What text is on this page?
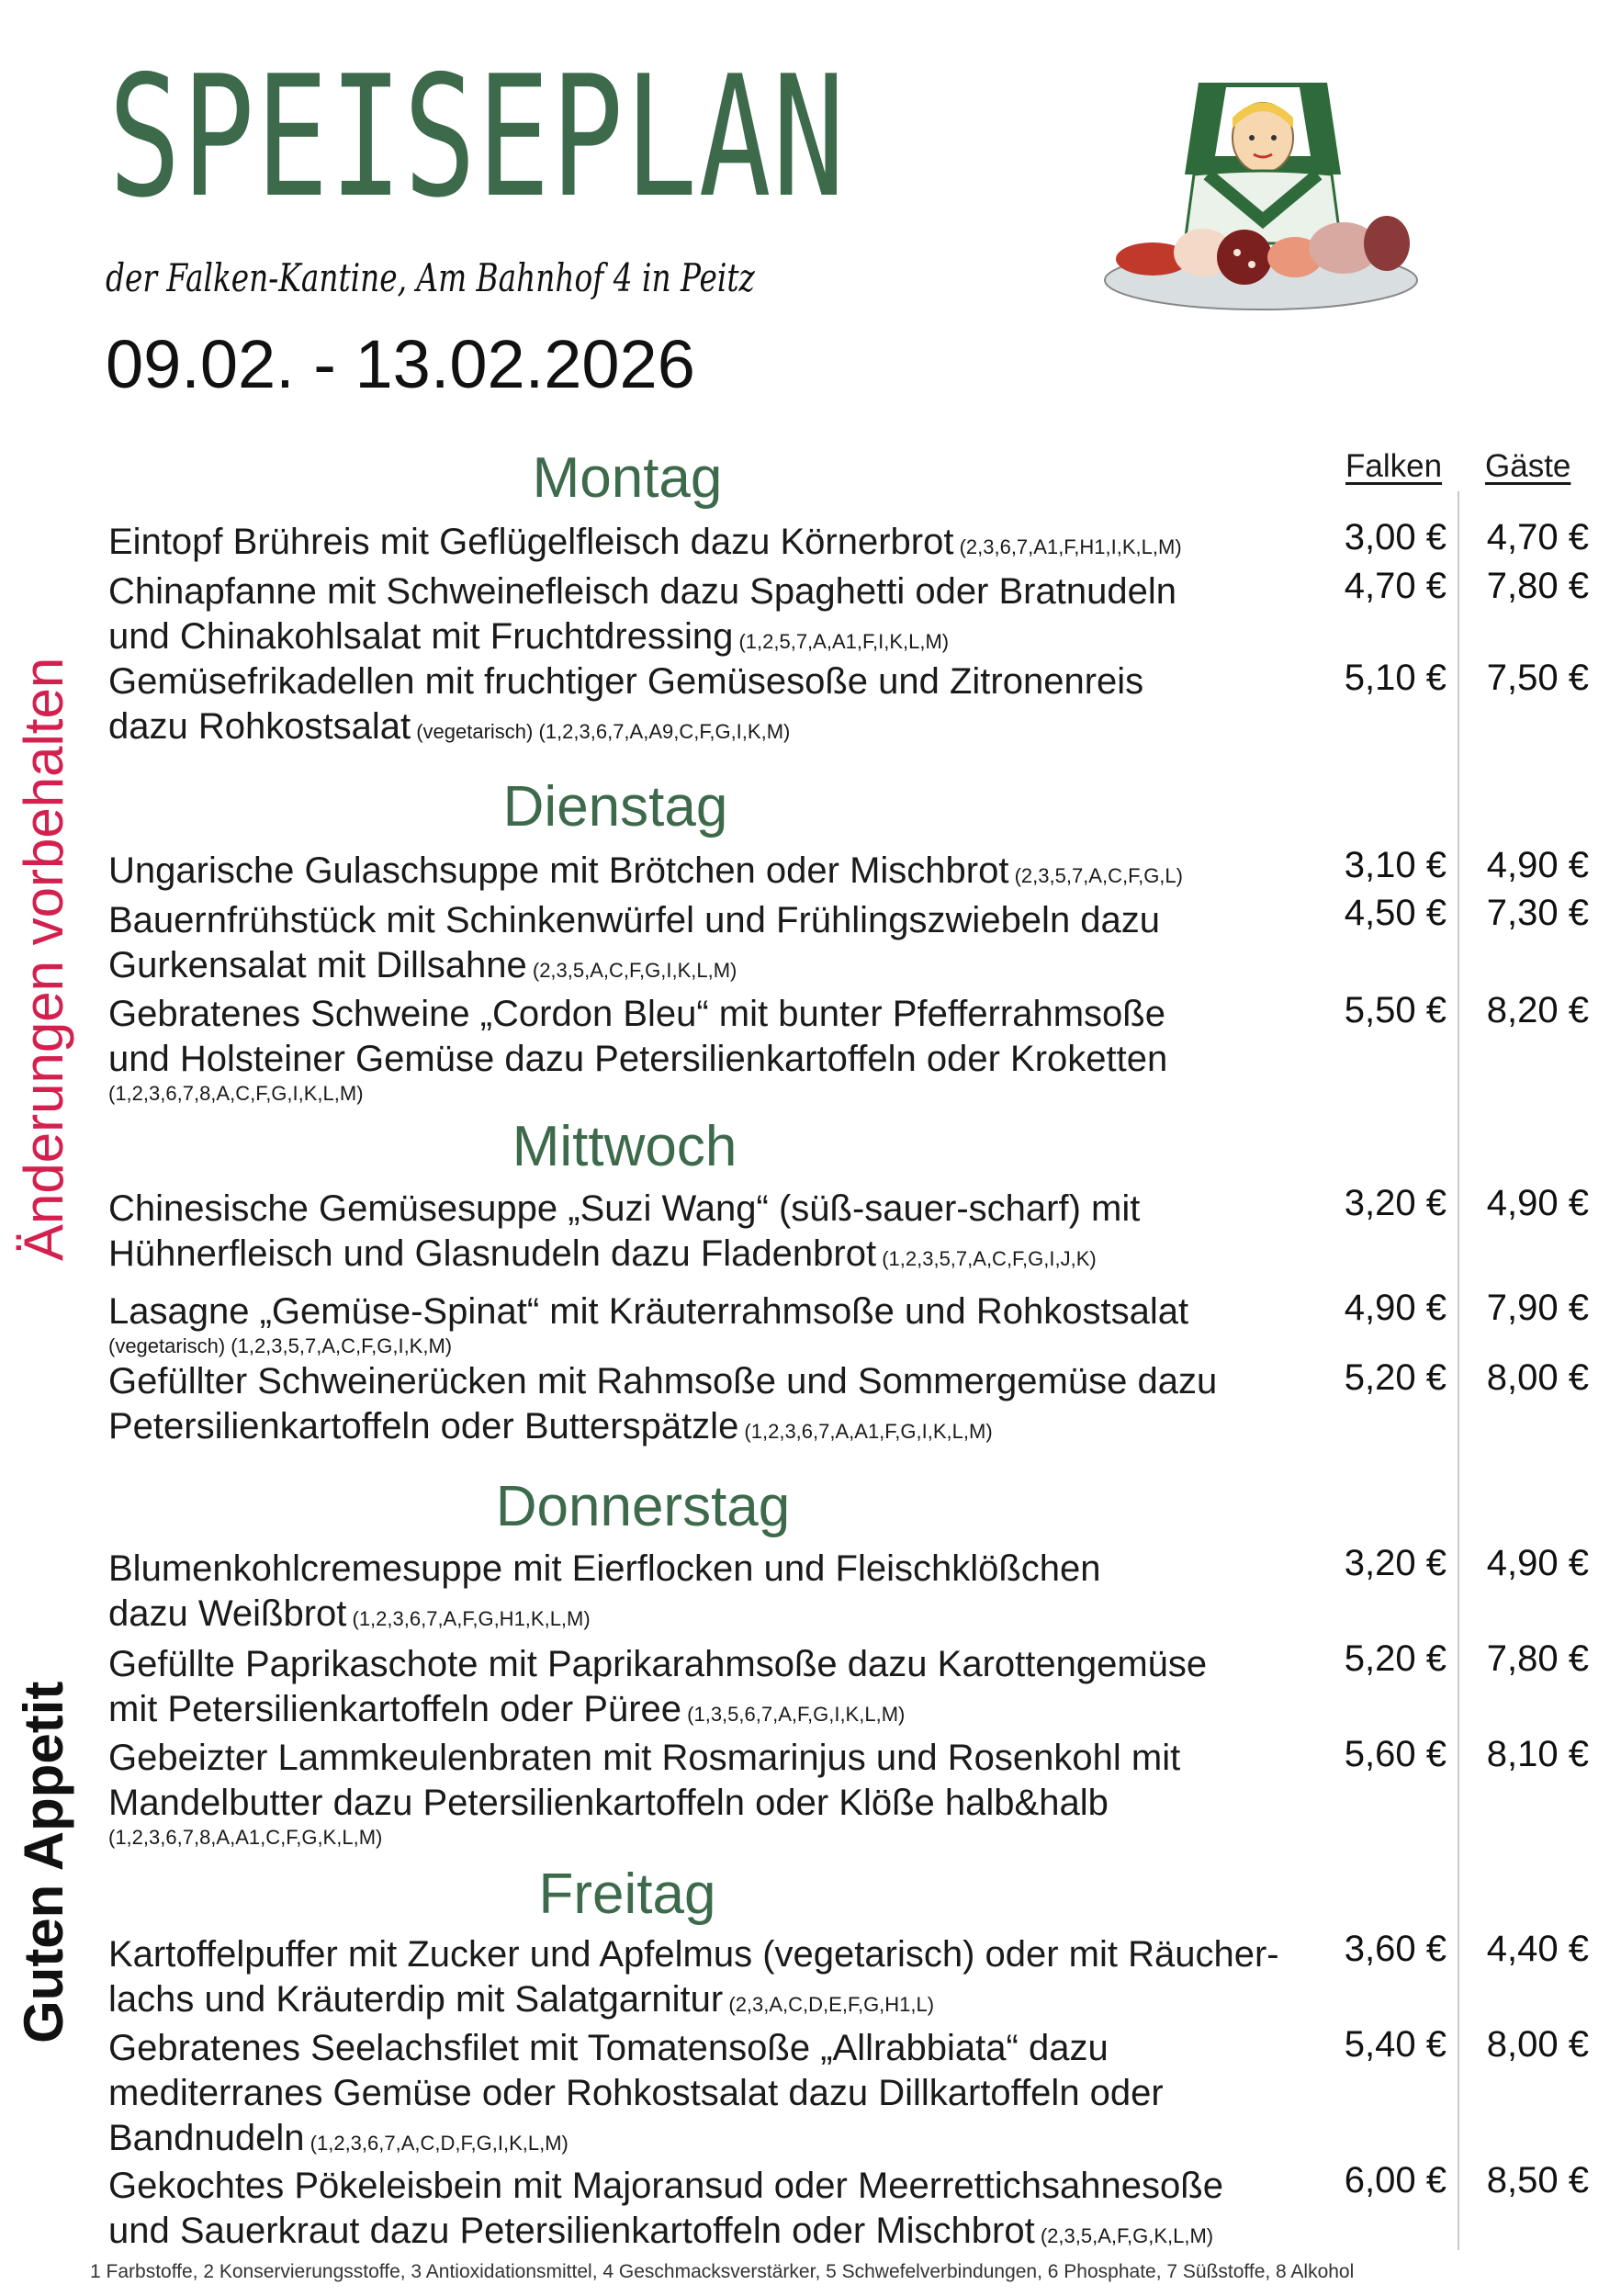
SPEISEPLAN
der Falken-Kantine, Am Bahnhof 4 in Peitz
09.02. - 13.02.2026
Falken Gäste
Änderungen vorbehalten
Guten Appetit
Montag
Eintopf Brühreis mit Geflügelfleisch dazu Körnerbrot (2,3,6,7,A1,F,H1,I,K,L,M)	3,00 €	4,70 €
Chinapfanne mit Schweinefleisch dazu Spaghetti oder Bratnudeln
und Chinakohlsalat mit Fruchtdressing (1,2,5,7,A,A1,F,I,K,L,M)
4,70 €	7,80 €
Gemüsefrikadellen mit fruchtiger Gemüsesoße und Zitronenreis
dazu Rohkostsalat (vegetarisch) (1,2,3,6,7,A,A9,C,F,G,I,K,M)
5,10 €	7,50 €
Dienstag
Ungarische Gulaschsuppe mit Brötchen oder Mischbrot (2,3,5,7,A,C,F,G,L)	3,10 €	4,90 €
Bauernfrühstück mit Schinkenwürfel und Frühlingszwiebeln dazu
Gurkensalat mit Dillsahne (2,3,5,A,C,F,G,I,K,L,M)
4,50 €	7,30 €
Gebratenes Schweine „Cordon Bleu“ mit bunter Pfefferrahmsoße
und Holsteiner Gemüse dazu Petersilienkartoffeln oder Kroketten
(1,2,3,6,7,8,A,C,F,G,I,K,L,M)
5,50 €	8,20 €
Mittwoch
Chinesische Gemüsesuppe „Suzi Wang“ (süß-sauer-scharf) mit
Hühnerfleisch und Glasnudeln dazu Fladenbrot (1,2,3,5,7,A,C,F,G,I,J,K)
3,20 €	4,90 €
Lasagne „Gemüse-Spinat“ mit Kräuterrahmsoße und Rohkostsalat
(vegetarisch) (1,2,3,5,7,A,C,F,G,I,K,M)
4,90 €	7,90 €
Gefüllter Schweinerücken mit Rahmsoße und Sommergemüse dazu
Petersilienkartoffeln oder Butterspätzle (1,2,3,6,7,A,A1,F,G,I,K,L,M)
5,20 €	8,00 €
Donnerstag
Blumenkohlcremesuppe mit Eierflocken und Fleischklößchen
dazu Weißbrot (1,2,3,6,7,A,F,G,H1,K,L,M)
3,20 €	4,90 €
Gefüllte Paprikaschote mit Paprikarahmsoße dazu Karottengemüse
mit Petersilienkartoffeln oder Püree (1,3,5,6,7,A,F,G,I,K,L,M)
5,20 €	7,80 €
Gebeizter Lammkeulenbraten mit Rosmarinjus und Rosenkohl mit
Mandelbutter dazu Petersilienkartoffeln oder Klöße halb&halb
(1,2,3,6,7,8,A,A1,C,F,G,K,L,M)
5,60 €	8,10 €
Freitag
Kartoffelpuffer mit Zucker und Apfelmus (vegetarisch) oder mit Räucher-
lachs und Kräuterdip mit Salatgarnitur (2,3,A,C,D,E,F,G,H1,L)
3,60 €	4,40 €
Gebratenes Seelachsfilet mit Tomatensoße „Allrabbiata“ dazu
mediterranes Gemüse oder Rohkostsalat dazu Dillkartoffeln oder
Bandnudeln (1,2,3,6,7,A,C,D,F,G,I,K,L,M)
5,40 €	8,00 €
Gekochtes Pökeleisbein mit Majoransud oder Meerrettichsahnesoße
und Sauerkraut dazu Petersilienkartoffeln oder Mischbrot (2,3,5,A,F,G,K,L,M)
6,00 €	8,50 €
1 Farbstoffe, 2 Konservierungsstoffe, 3 Antioxidationsmittel, 4 Geschmacksverstärker, 5 Schwefelverbindungen, 6 Phosphate, 7 Süßstoffe, 8 Alkohol
